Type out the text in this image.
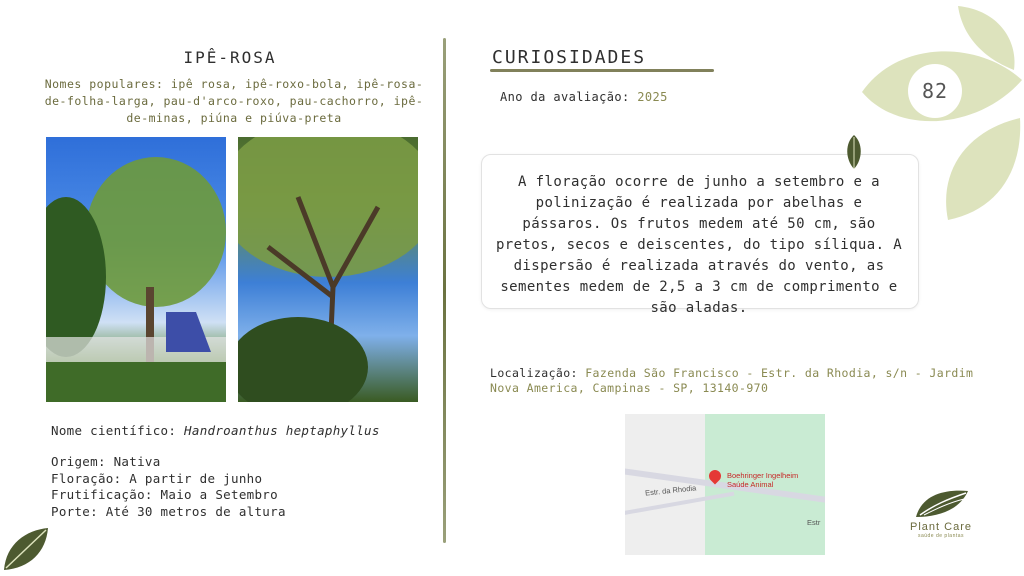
82
IPÊ-ROSA
Nomes populares: ipê rosa, ipê-roxo-bola, ipê-rosa-de-folha-larga, pau-d'arco-roxo, pau-cachorro, ipê-de-minas, piúna e piúva-preta
Nome científico: Handroanthus heptaphyllus
Origem: Nativa
Floração: A partir de junho
Frutificação: Maio a Setembro
Porte: Até 30 metros de altura
CURIOSIDADES
Ano da avaliação: 2025
A floração ocorre de junho a setembro e a polinização é realizada por abelhas e pássaros. Os frutos medem até 50 cm, são pretos, secos e deiscentes, do tipo síliqua. A dispersão é realizada através do vento, as sementes medem de 2,5 a 3 cm de comprimento e são aladas.
Localização: Fazenda São Francisco - Estr. da Rhodia, s/n - Jardim Nova America, Campinas - SP, 13140-970
Boehringer Ingelheim
Saúde Animal
Estr. da Rhodia
Estr	Plant Care
saúde de plantas
